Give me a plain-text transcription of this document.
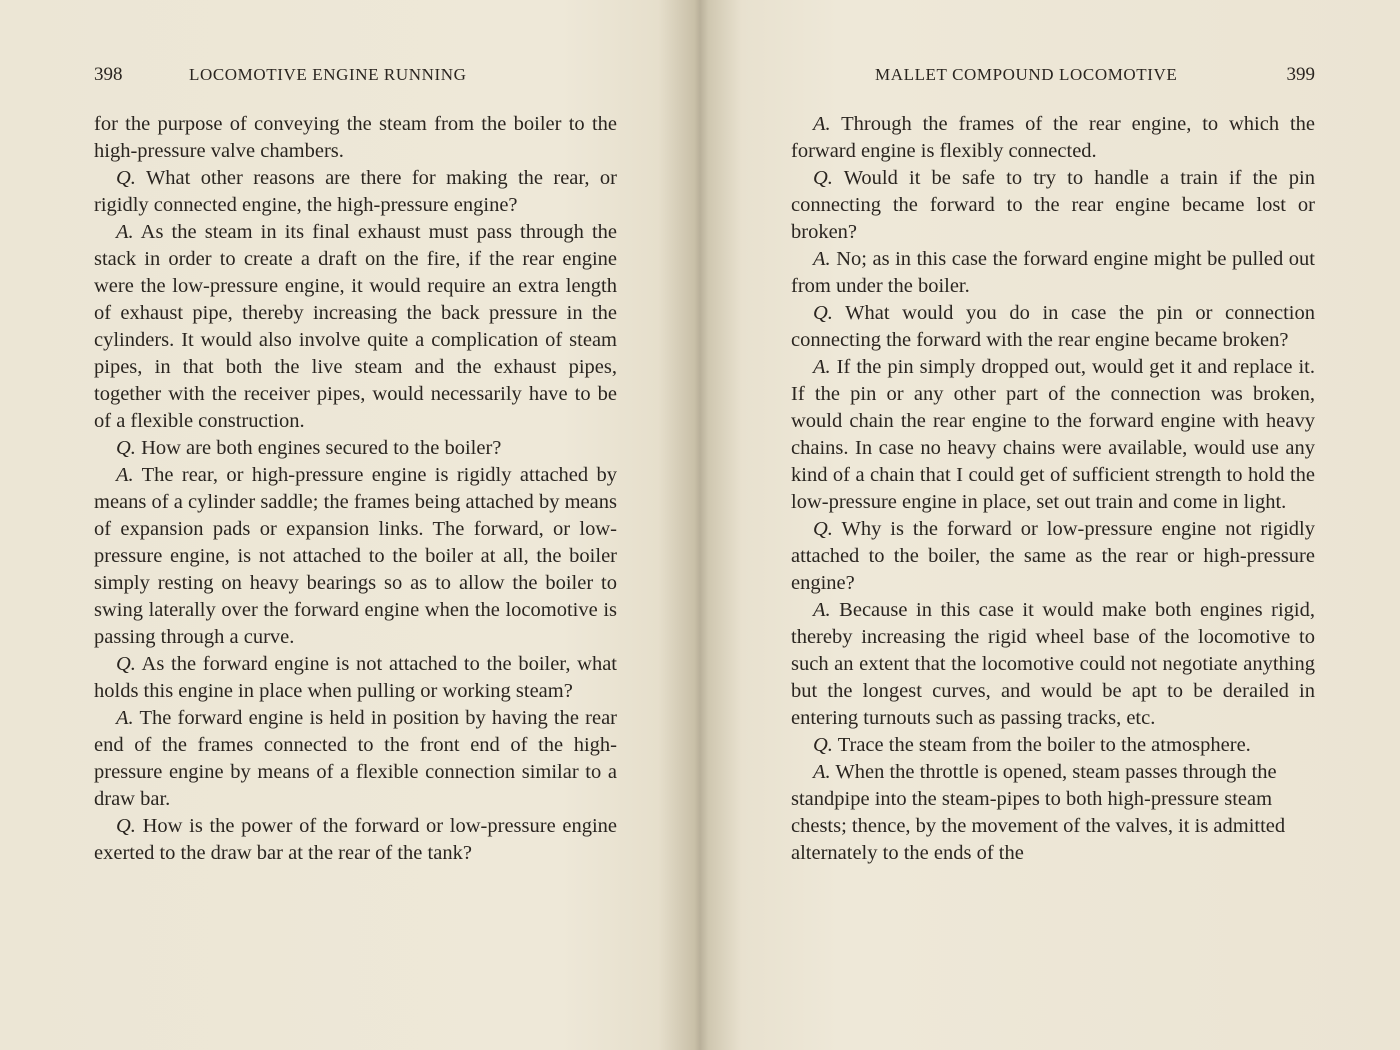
398	LOCOMOTIVE ENGINE RUNNING

for the purpose of conveying the steam from the boiler to the high-pressure valve chambers.

Q. What other reasons are there for making the rear, or rigidly connected engine, the high-pressure engine?

A. As the steam in its final exhaust must pass through the stack in order to create a draft on the fire, if the rear engine were the low-pressure engine, it would require an extra length of exhaust pipe, thereby increasing the back pressure in the cylinders. It would also involve quite a complication of steam pipes, in that both the live steam and the exhaust pipes, together with the receiver pipes, would necessarily have to be of a flexible construction.

Q. How are both engines secured to the boiler?

A. The rear, or high-pressure engine is rigidly attached by means of a cylinder saddle; the frames being attached by means of expansion pads or expansion links. The forward, or low-pressure engine, is not attached to the boiler at all, the boiler simply resting on heavy bearings so as to allow the boiler to swing laterally over the forward engine when the locomotive is passing through a curve.

Q. As the forward engine is not attached to the boiler, what holds this engine in place when pulling or working steam?

A. The forward engine is held in position by having the rear end of the frames connected to the front end of the high-pressure engine by means of a flexible connection similar to a draw bar.

Q. How is the power of the forward or low-pressure engine exerted to the draw bar at the rear of the tank?

MALLET COMPOUND LOCOMOTIVE	399

A. Through the frames of the rear engine, to which the forward engine is flexibly connected.

Q. Would it be safe to try to handle a train if the pin connecting the forward to the rear engine became lost or broken?

A. No; as in this case the forward engine might be pulled out from under the boiler.

Q. What would you do in case the pin or connection connecting the forward with the rear engine became broken?

A. If the pin simply dropped out, would get it and replace it. If the pin or any other part of the connection was broken, would chain the rear engine to the forward engine with heavy chains. In case no heavy chains were available, would use any kind of a chain that I could get of sufficient strength to hold the low-pressure engine in place, set out train and come in light.

Q. Why is the forward or low-pressure engine not rigidly attached to the boiler, the same as the rear or high-pressure engine?

A. Because in this case it would make both engines rigid, thereby increasing the rigid wheel base of the locomotive to such an extent that the locomotive could not negotiate anything but the longest curves, and would be apt to be derailed in entering turnouts such as passing tracks, etc.

Q. Trace the steam from the boiler to the atmosphere.

A. When the throttle is opened, steam passes through the standpipe into the steam-pipes to both high-pressure steam chests; thence, by the movement of the valves, it is admitted alternately to the ends of the
